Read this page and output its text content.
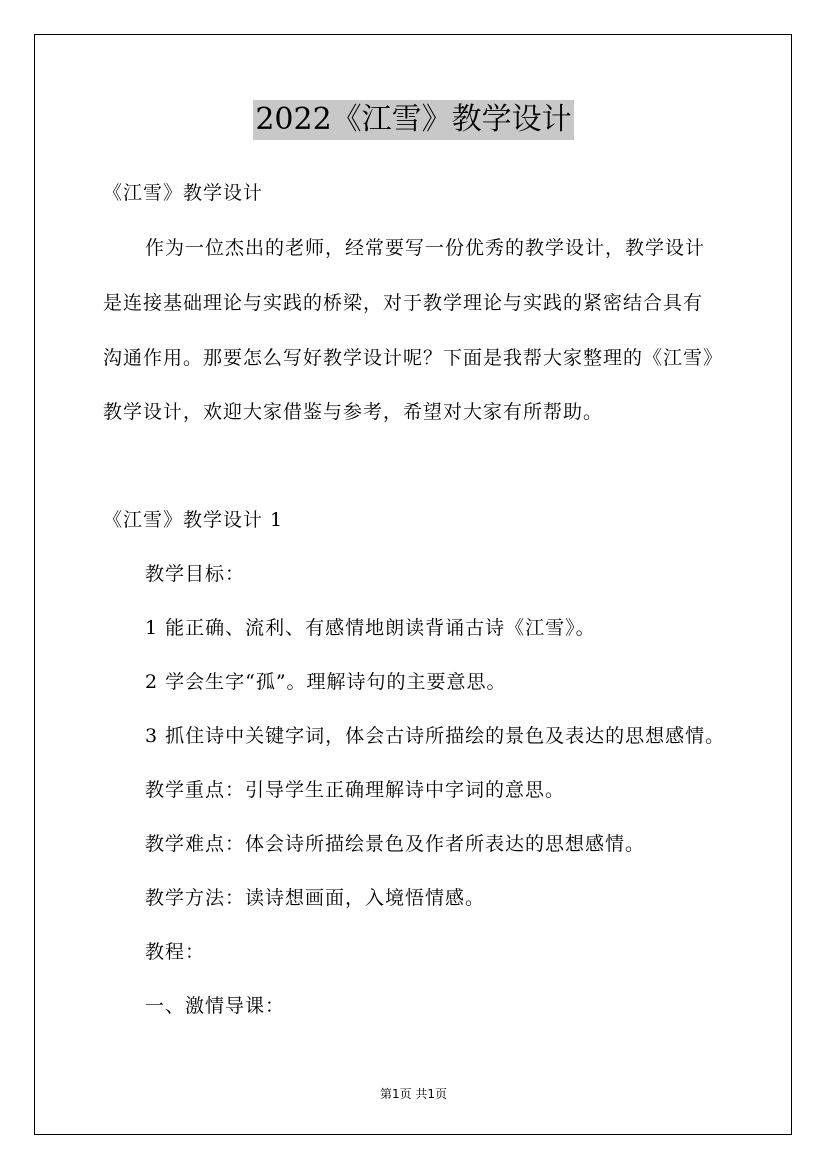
2022《江雪》教学设计
《江雪》教学设计
作为一位杰出的老师，经常要写一份优秀的教学设计，教学设计
是连接基础理论与实践的桥梁，对于教学理论与实践的紧密结合具有
沟通作用。那要怎么写好教学设计呢？下面是我帮大家整理的《江雪》
教学设计，欢迎大家借鉴与参考，希望对大家有所帮助。
《江雪》教学设计 1
教学目标：
1 能正确、流利、有感情地朗读背诵古诗《江雪》。
2 学会生字“孤”。理解诗句的主要意思。
3 抓住诗中关键字词，体会古诗所描绘的景色及表达的思想感情。
教学重点：引导学生正确理解诗中字词的意思。
教学难点：体会诗所描绘景色及作者所表达的思想感情。
教学方法：读诗想画面，入境悟情感。
教程：
一、激情导课：
第1页 共1页
